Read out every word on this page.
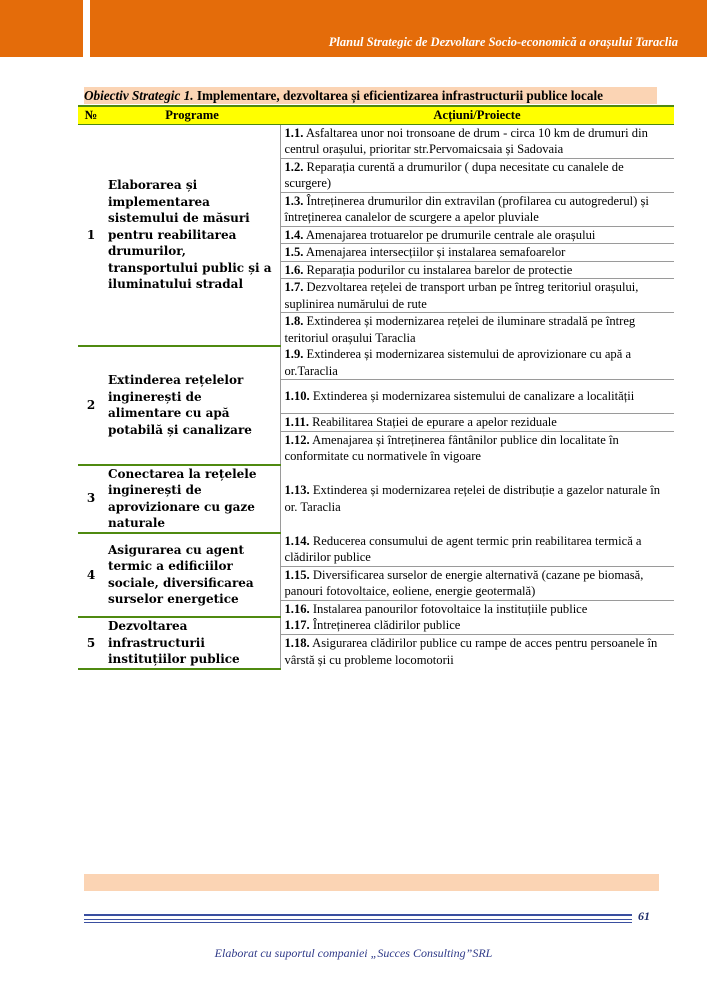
Planul Strategic de Dezvoltare Socio-economică a orașului Taraclia
Obiectiv Strategic 1. Implementare, dezvoltarea și eficientizarea infrastructurii publice locale
№	Programe	Acțiuni/Proiecte
1	Elaborarea și implementarea sistemului de măsuri pentru reabilitarea drumurilor, transportului public și a iluminatului stradal	1.1. Asfaltarea unor noi tronsoane de drum - circa 10 km de drumuri din centrul orașului, prioritar str.Pervomaicsaia și Sadovaia
		1.2. Reparația curentă a drumurilor ( dupa necesitate cu canalele de scurgere)
		1.3. Întreținerea drumurilor din extravilan (profilarea cu autogrederul) și întreținerea canalelor de scurgere a apelor pluviale
		1.4. Amenajarea trotuarelor pe drumurile centrale ale orașului
		1.5. Amenajarea intersecțiilor și instalarea semafoarelor
		1.6. Reparația podurilor cu instalarea barelor de protectie
		1.7. Dezvoltarea rețelei de transport urban pe întreg teritoriul orașului, suplinirea numărului de rute
		1.8. Extinderea și modernizarea rețelei de iluminare stradală pe întreg teritoriul orașului Taraclia
2	Extinderea rețelelor inginerești de alimentare cu apă potabilă și canalizare	1.9. Extinderea și modernizarea sistemului de aprovizionare cu apă a or.Taraclia
		1.10. Extinderea și modernizarea sistemului de canalizare a localității
		1.11. Reabilitarea Stației de epurare a apelor reziduale
		1.12. Amenajarea și întreținerea fântânilor publice din localitate în conformitate cu normativele în vigoare
3	Conectarea la rețelele inginerești de aprovizionare cu gaze naturale	1.13. Extinderea și modernizarea rețelei de distribuție a gazelor naturale în or. Taraclia
4	Asigurarea cu agent termic a edificiilor sociale, diversificarea surselor energetice	1.14. Reducerea consumului de agent termic prin reabilitarea termică a clădirilor publice
		1.15. Diversificarea surselor de energie alternativă (cazane pe biomasă, panouri fotovoltaice, eoliene, energie geotermală)
		1.16. Instalarea panourilor fotovoltaice la instituțiile publice
5	Dezvoltarea infrastructurii instituțiilor publice	1.17. Întreținerea clădirilor publice
		1.18. Asigurarea clădirilor publice cu rampe de acces pentru persoanele în vârstă și cu probleme locomotorii
61
Elaborat cu suportul companiei „Succes Consulting”SRL
